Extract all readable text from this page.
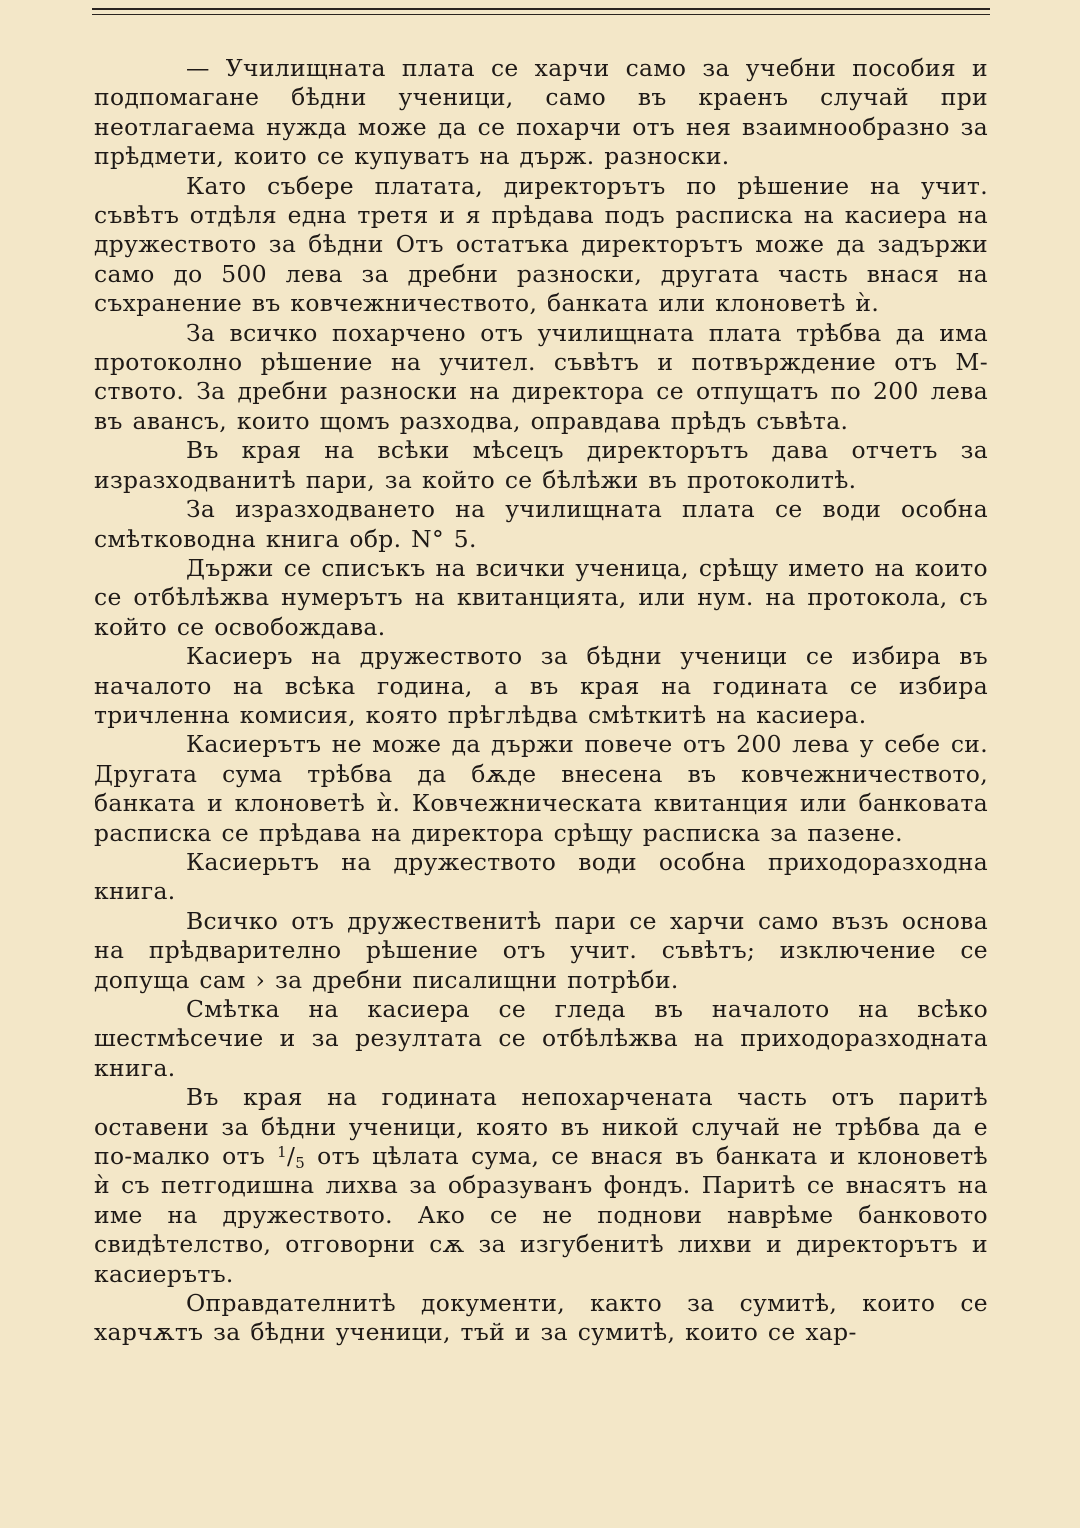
— Училищната плата се харчи само за учебни пособия и подпомагане бѣдни ученици, само въ краенъ случай при неотлагаема нужда може да се похарчи отъ нея взаимнообразно за прѣдмети, които се купуватъ на държ. разноски.

Като събере платата, директорътъ по рѣшение на учит. съвѣтъ отдѣля една третя и я прѣдава подъ расписка на касиера на дружеството за бѣдни Отъ остатъка директорътъ може да задържи само до 500 лева за дребни разноски, другата часть внася на съхранение въ ковчежничеството, банката или клоноветѣ ѝ.

За всичко похарчено отъ училищната плата трѣбва да има протоколно рѣшение на учител. съвѣтъ и потвърждение отъ М-ството. За дребни разноски на директора се отпущатъ по 200 лева въ авансъ, които щомъ разходва, оправдава прѣдъ съвѣта.

Въ края на всѣки мѣсецъ директорътъ дава отчетъ за изразходванитѣ пари, за който се бѣлѣжи въ протоколитѣ.

За изразходването на училищната плата се води особна смѣтководна книга обр. N° 5.

Държи се списъкъ на всички ученица, срѣщу името на които се отбѣлѣжва нумерътъ на квитанцията, или нум. на протокола, съ който се освобождава.

Касиеръ на дружеството за бѣдни ученици се избира въ началото на всѣка година, а въ края на годината се избира тричленна комисия, която прѣглѣдва смѣткитѣ на касиера.

Касиерътъ не може да държи повече отъ 200 лева у себе си. Другата сума трѣбва да бѫде внесена въ ковчежничеството, банката и клоноветѣ ѝ. Ковчежническата квитанция или банковата расписка се прѣдава на директора срѣщу расписка за пазене.

Касиерьтъ на дружеството води особна приходоразходна книга.

Всичко отъ дружественитѣ пари се харчи само възъ основа на прѣдварително рѣшение отъ учит. съвѣтъ; изключение се допуща сам › за дребни писалищни потрѣби.

Смѣтка на касиера се гледа въ началото на всѣко шестмѣсечие и за резултата се отбѣлѣжва на приходоразходната книга.

Въ края на годината непохарченaта часть отъ паритѣ оставени за бѣдни ученици, която въ никой случай не трѣбва да е по-малко отъ $^1$/5 отъ цѣлата сума, се внася въ банката и клоноветѣ ѝ съ петгодишна лихва за образуванъ фондъ. Паритѣ се внасятъ на име на дружеството. Ако се не поднови наврѣме банковото свидѣтелство, отговорни сѫ за изгубенитѣ лихви и директорътъ и касиерътъ.

Оправдателнитѣ документи, както за сумитѣ, които се харчѫтъ за бѣдни ученици, тъй и за сумитѣ, които се хар-
